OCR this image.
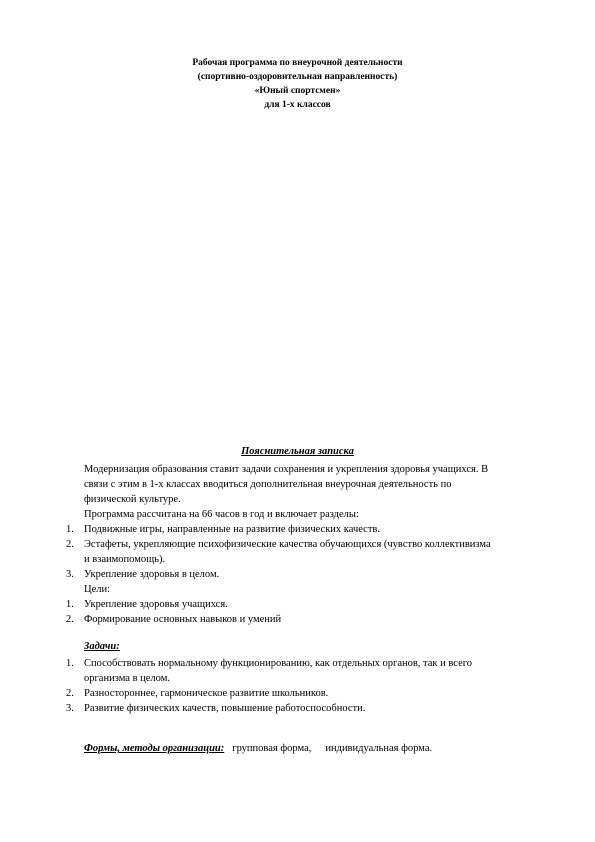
Рабочая программа по внеурочной деятельности
(спортивно-оздоровительная направленность)
«Юный спортсмен»
для 1-х классов
Пояснительная записка
Модернизация образования ставит задачи сохранения и укрепления здоровья учащихся. В
связи с этим в 1-х классах вводиться дополнительная внеурочная деятельность по
физической культуре.
Программа рассчитана на 66 часов в год и включает разделы:
1. Подвижные игры, направленные на развитие физических качеств.
2. Эстафеты, укрепляющие психофизические качества обучающихся (чувство коллективизма
и взаимопомощь).
3. Укрепление здоровья в целом.
Цели:
1. Укрепление здоровья учащихся.
2. Формирование основных навыков и умений
Задачи:
1. Способствовать нормальному функционированию, как отдельных органов, так и всего
организма в целом.
2. Разностороннее, гармоническое развитие школьников.
3. Развитие физических качеств, повышение работоспособности.
Формы, методы организации: групповая форма, индивидуальная форма.
